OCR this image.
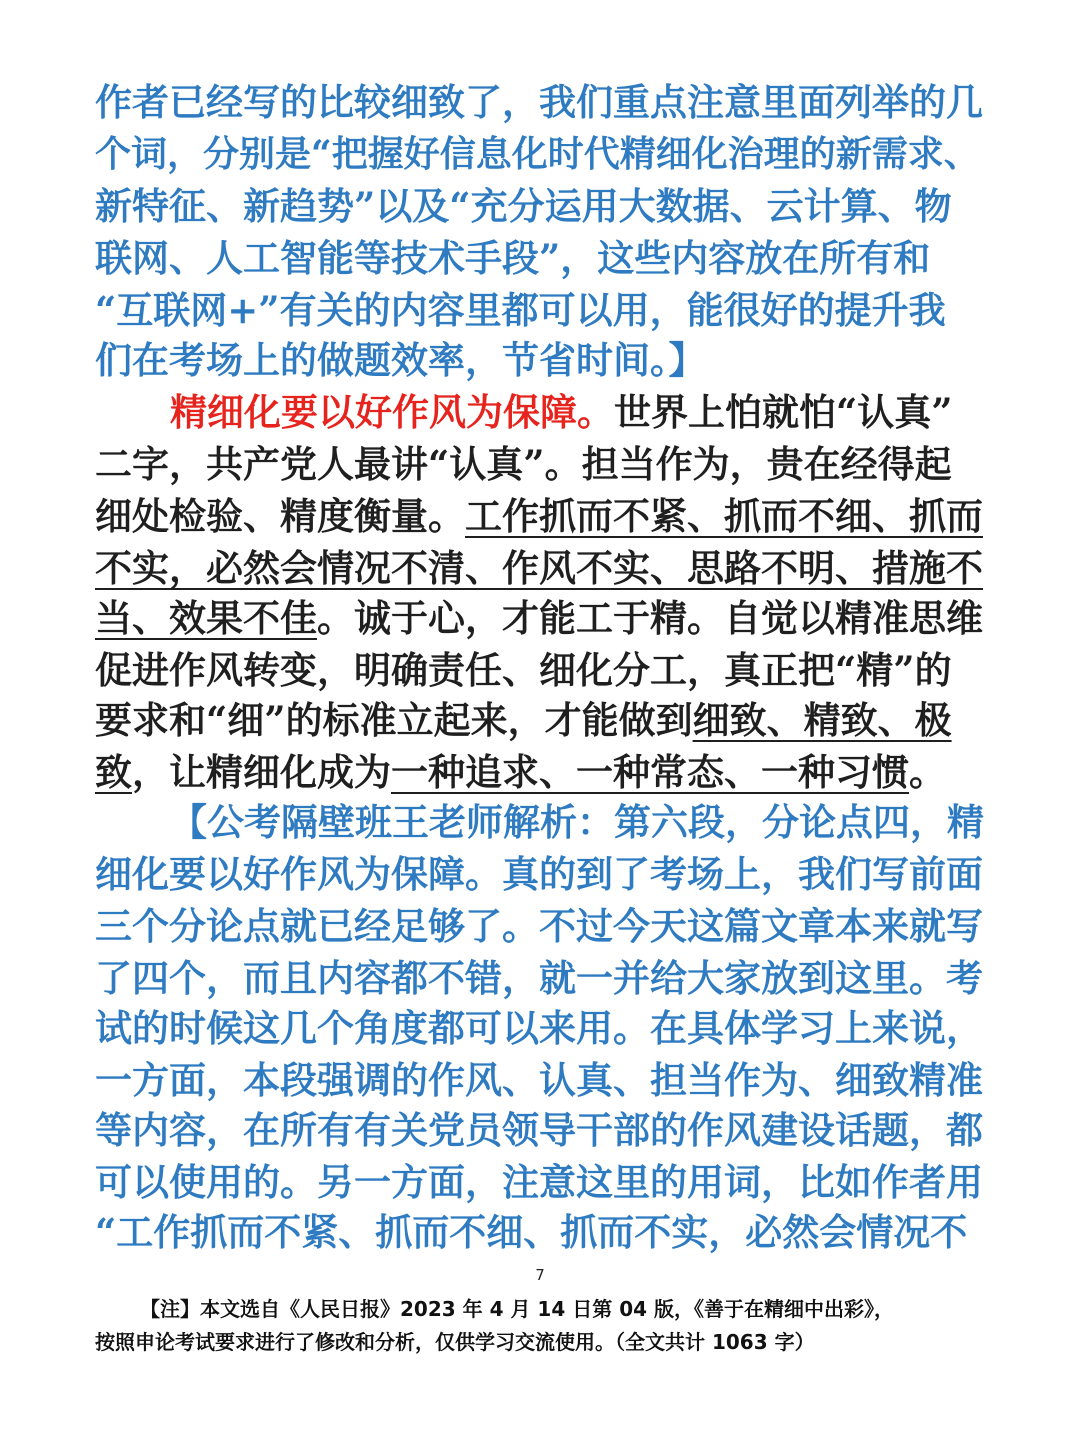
作者已经写的比较细致了，我们重点注意里面列举的几
个词，分别是“把握好信息化时代精细化治理的新需求、
新特征、新趋势”以及“充分运用大数据、云计算、物
联网、人工智能等技术手段”，这些内容放在所有和
“互联网+”有关的内容里都可以用，能很好的提升我
们在考场上的做题效率，节省时间。】
精细化要以好作风为保障。世界上怕就怕“认真”
二字，共产党人最讲“认真”。担当作为，贵在经得起
细处检验、精度衡量。工作抓而不紧、抓而不细、抓而
不实，必然会情况不清、作风不实、思路不明、措施不
当、效果不佳。诚于心，才能工于精。自觉以精准思维
促进作风转变，明确责任、细化分工，真正把“精”的
要求和“细”的标准立起来，才能做到细致、精致、极
致，让精细化成为一种追求、一种常态、一种习惯。
【公考隔壁班王老师解析：第六段，分论点四，精
细化要以好作风为保障。真的到了考场上，我们写前面
三个分论点就已经足够了。不过今天这篇文章本来就写
了四个，而且内容都不错，就一并给大家放到这里。考
试的时候这几个角度都可以来用。在具体学习上来说，
一方面，本段强调的作风、认真、担当作为、细致精准
等内容，在所有有关党员领导干部的作风建设话题，都
可以使用的。另一方面，注意这里的用词，比如作者用
“工作抓而不紧、抓而不细、抓而不实，必然会情况不
7
【注】本文选自《人民日报》2023 年 4 月 14 日第 04 版，《善于在精细中出彩》，
按照申论考试要求进行了修改和分析，仅供学习交流使用。（全文共计 1063 字）
